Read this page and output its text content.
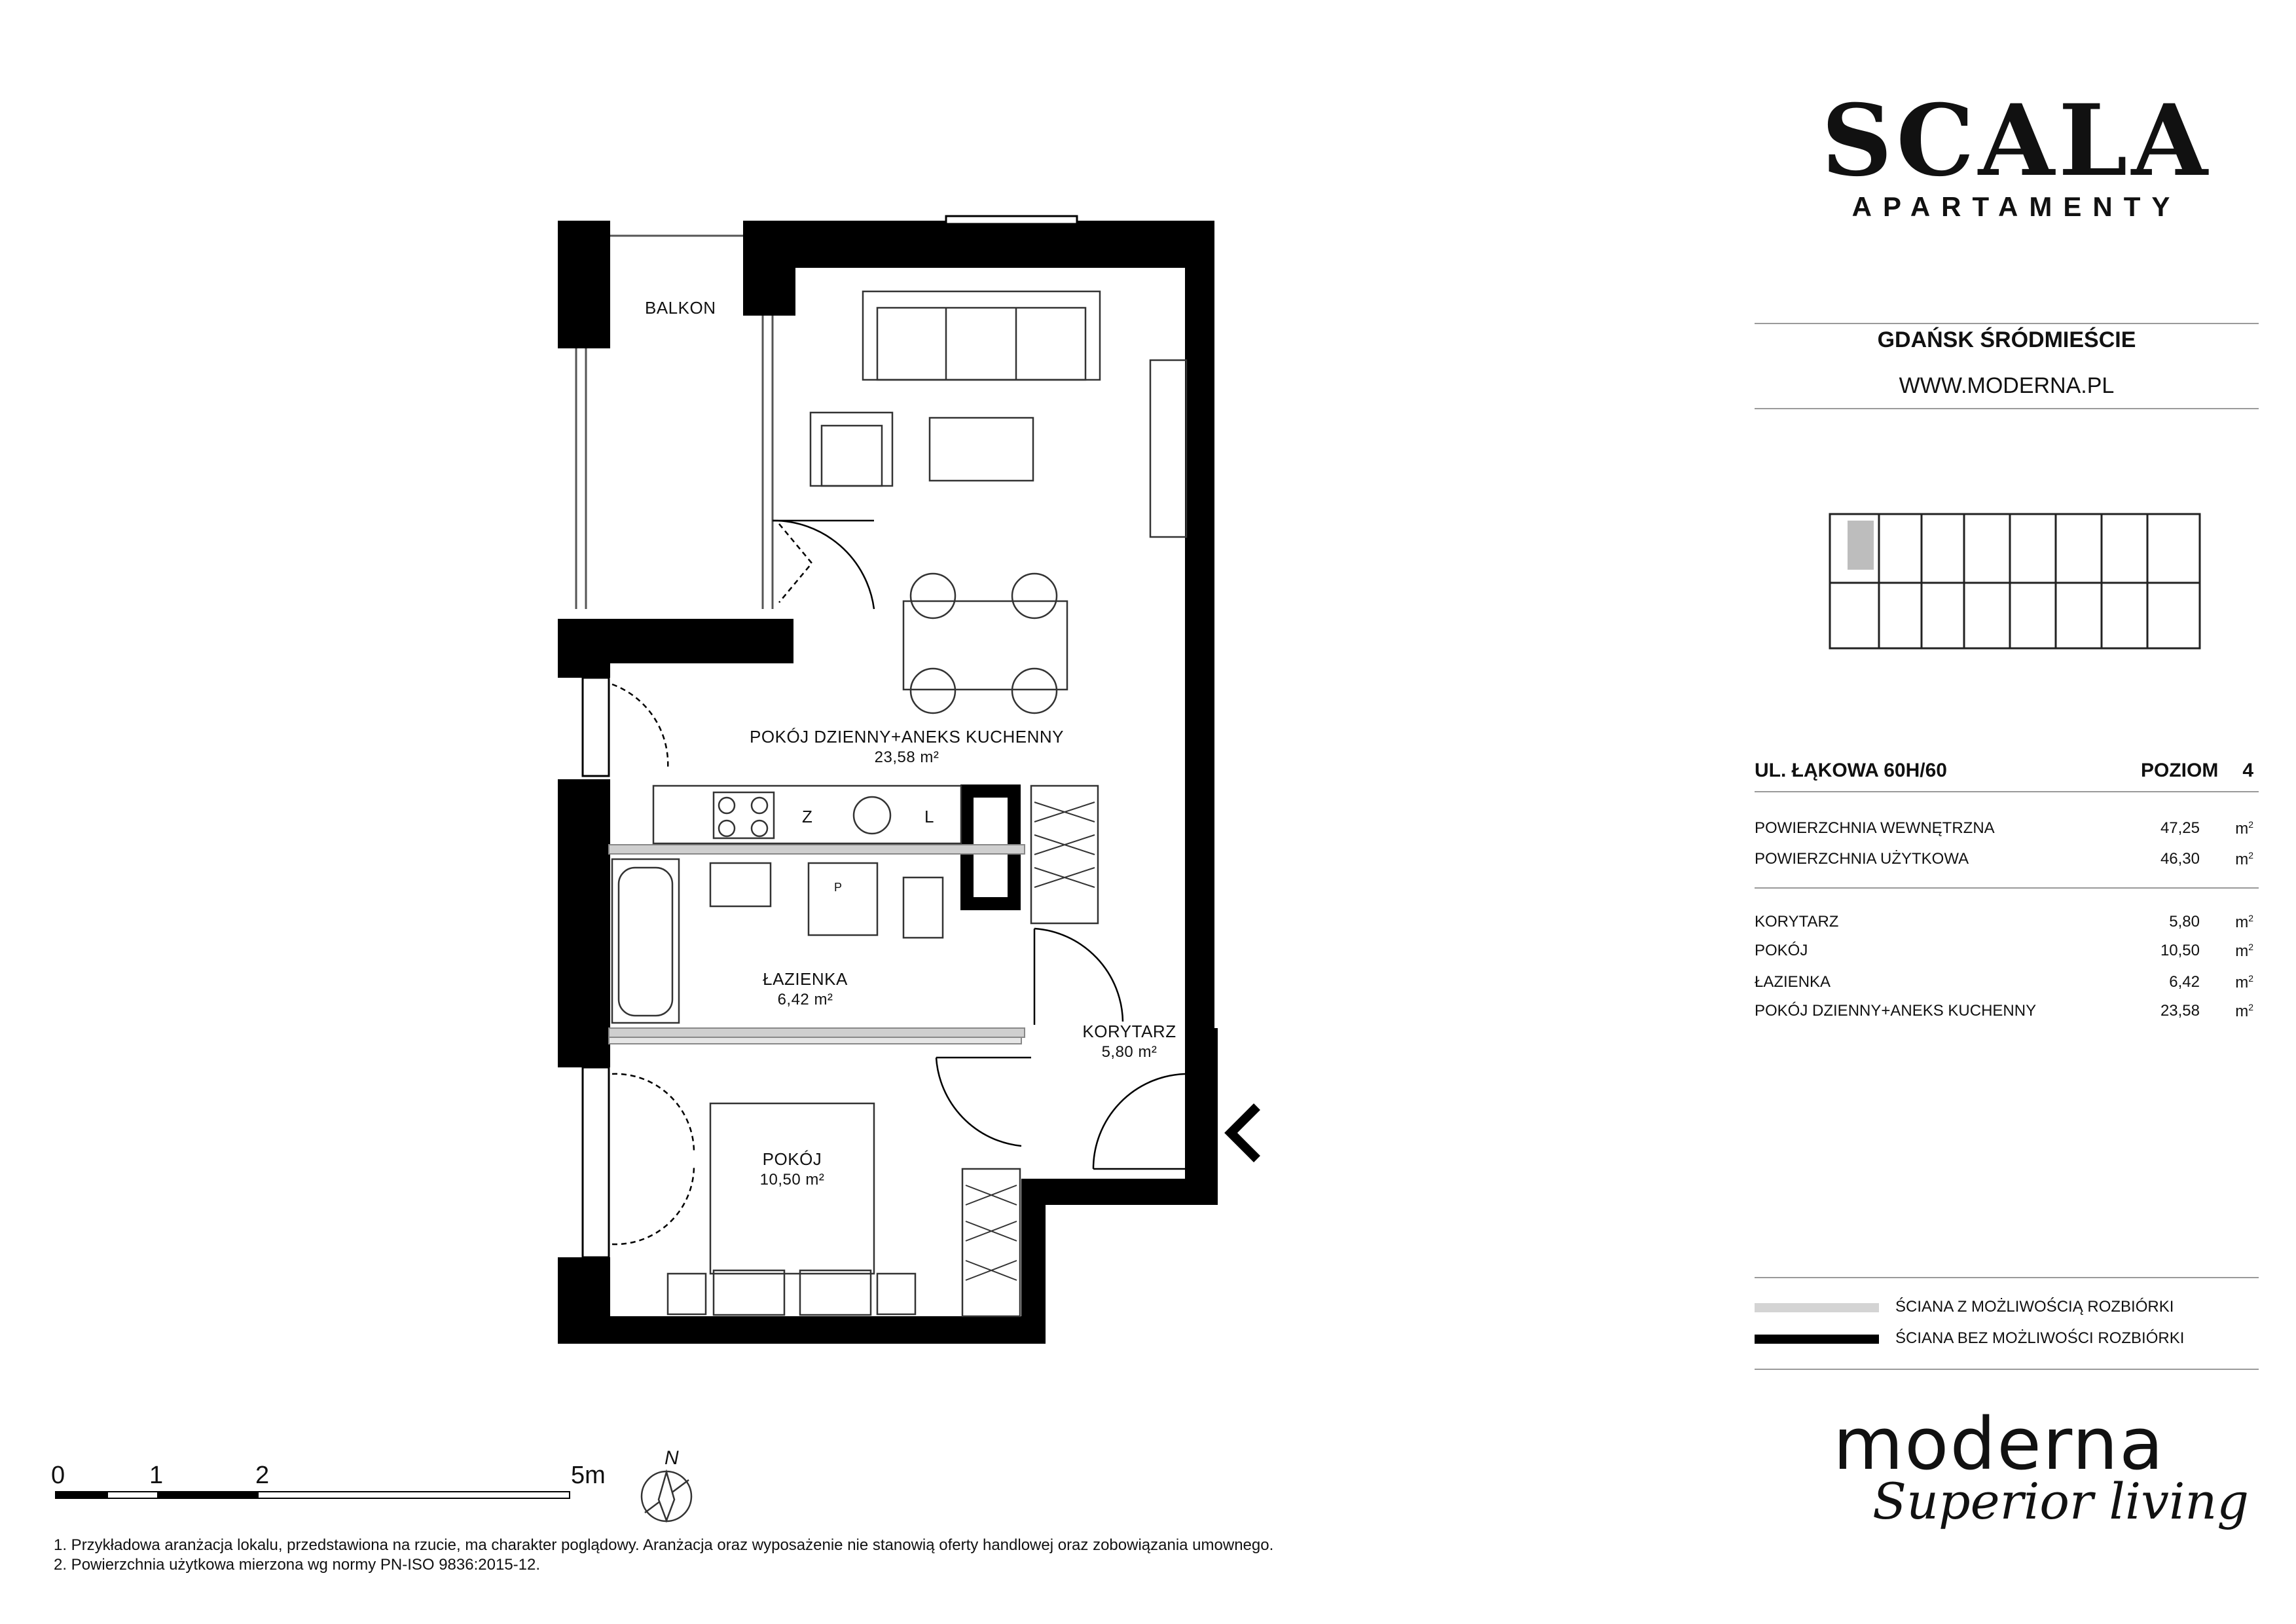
BALKON
POKÓJ DZIENNY+ANEKS KUCHENNY
23,58 m²
ŁAZIENKA
6,42 m²
KORYTARZ
5,80 m²
POKÓJ
10,50 m²
Z	L
P
SCALA
APARTAMENTY
GDAŃSK ŚRÓDMIEŚCIE
WWW.MODERNA.PL
UL. ŁĄKOWA 60H/60	POZIOM 4
POWIERZCHNIA WEWNĘTRZNA	47,25 $m^2$
POWIERZCHNIA UŻYTKOWA	46,30 $m^2$
KORYTARZ	5,80 $m^2$
POKÓJ	10,50 $m^2$
ŁAZIENKA	6,42 $m^2$
POKÓJ DZIENNY+ANEKS KUCHENNY	23,58 $m^2$
ŚCIANA Z MOŻLIWOŚCIĄ ROZBIÓRKI
ŚCIANA BEZ MOŻLIWOŚCI ROZBIÓRKI
moderna
Superior living
0	1	2	5m
N
1. Przykładowa aranżacja lokalu, przedstawiona na rzucie, ma charakter poglądowy. Aranżacja oraz wyposażenie nie stanowią oferty handlowej oraz zobowiązania umownego.
2. Powierzchnia użytkowa mierzona wg normy PN-ISO 9836:2015-12.
